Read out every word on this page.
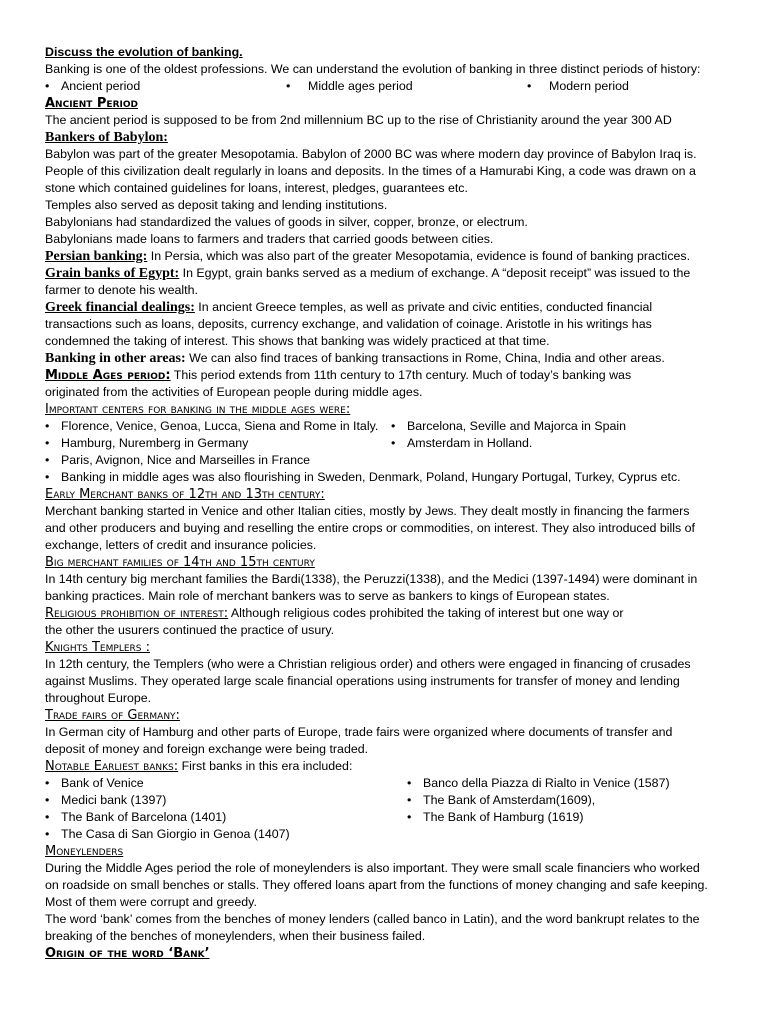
Discuss the evolution of banking.

Banking is one of the oldest professions. We can understand the evolution of banking in three distinct periods of history:

• Ancient period	•	Middle ages period	•	Modern period

Ancient Period

The ancient period is supposed to be from 2nd millennium BC up to the rise of Christianity around the year 300 AD

Bankers of Babylon:

Babylon was part of the greater Mesopotamia. Babylon of 2000 BC was where modern day province of Babylon Iraq is.

People of this civilization dealt regularly in loans and deposits. In the times of a Hamurabi King, a code was drawn on a

stone which contained guidelines for loans, interest, pledges, guarantees etc.

Temples also served as deposit taking and lending institutions.

Babylonians had standardized the values of goods in silver, copper, bronze, or electrum.

Babylonians made loans to farmers and traders that carried goods between cities.

Persian banking: In Persia, which was also part of the greater Mesopotamia, evidence is found of banking practices.

Grain banks of Egypt: In Egypt, grain banks served as a medium of exchange. A “deposit receipt” was issued to the

farmer to denote his wealth.

Greek financial dealings: In ancient Greece temples, as well as private and civic entities, conducted financial

transactions such as loans, deposits, currency exchange, and validation of coinage. Aristotle in his writings has

condemned the taking of interest. This shows that banking was widely practiced at that time.

Banking in other areas: We can also find traces of banking transactions in Rome, China, India and other areas.

Middle Ages period: This period extends from 11th century to 17th century. Much of today’s banking was

originated from the activities of European people during middle ages.

Important centers for banking in the middle ages were:

• Florence, Venice, Genoa, Lucca, Siena and Rome in Italy.
• Hamburg, Nuremberg in Germany
• Paris, Avignon, Nice and Marseilles in France
• Barcelona, Seville and Majorca in Spain
• Amsterdam in Holland.
• Banking in middle ages was also flourishing in Sweden, Denmark, Poland, Hungary Portugal, Turkey, Cyprus etc.

Early Merchant banks of 12th and 13th century:

Merchant banking started in Venice and other Italian cities, mostly by Jews. They dealt mostly in financing the farmers

and other producers and buying and reselling the entire crops or commodities, on interest. They also introduced bills of

exchange, letters of credit and insurance policies.

Big merchant families of 14th and 15th century

In 14th century big merchant families the Bardi(1338), the Peruzzi(1338), and the Medici (1397-1494) were dominant in

banking practices. Main role of merchant bankers was to serve as bankers to kings of European states.

Religious prohibition of interest: Although religious codes prohibited the taking of interest but one way or

the other the usurers continued the practice of usury.

Knights Templers :

In 12th century, the Templers (who were a Christian religious order) and others were engaged in financing of crusades

against Muslims. They operated large scale financial operations using instruments for transfer of money and lending

throughout Europe.

Trade fairs of Germany:

In German city of Hamburg and other parts of Europe, trade fairs were organized where documents of transfer and

deposit of money and foreign exchange were being traded.

Notable Earliest banks: First banks in this era included:

• Bank of Venice
• Medici bank (1397)
• The Bank of Barcelona (1401)
• The Casa di San Giorgio in Genoa (1407)
• Banco della Piazza di Rialto in Venice (1587)
• The Bank of Amsterdam(1609),
• The Bank of Hamburg (1619)

Moneylenders

During the Middle Ages period the role of moneylenders is also important. They were small scale financiers who worked

on roadside on small benches or stalls. They offered loans apart from the functions of money changing and safe keeping.

Most of them were corrupt and greedy.

The word ‘bank’ comes from the benches of money lenders (called banco in Latin), and the word bankrupt relates to the

breaking of the benches of moneylenders, when their business failed.

Origin of the word ‘Bank’
